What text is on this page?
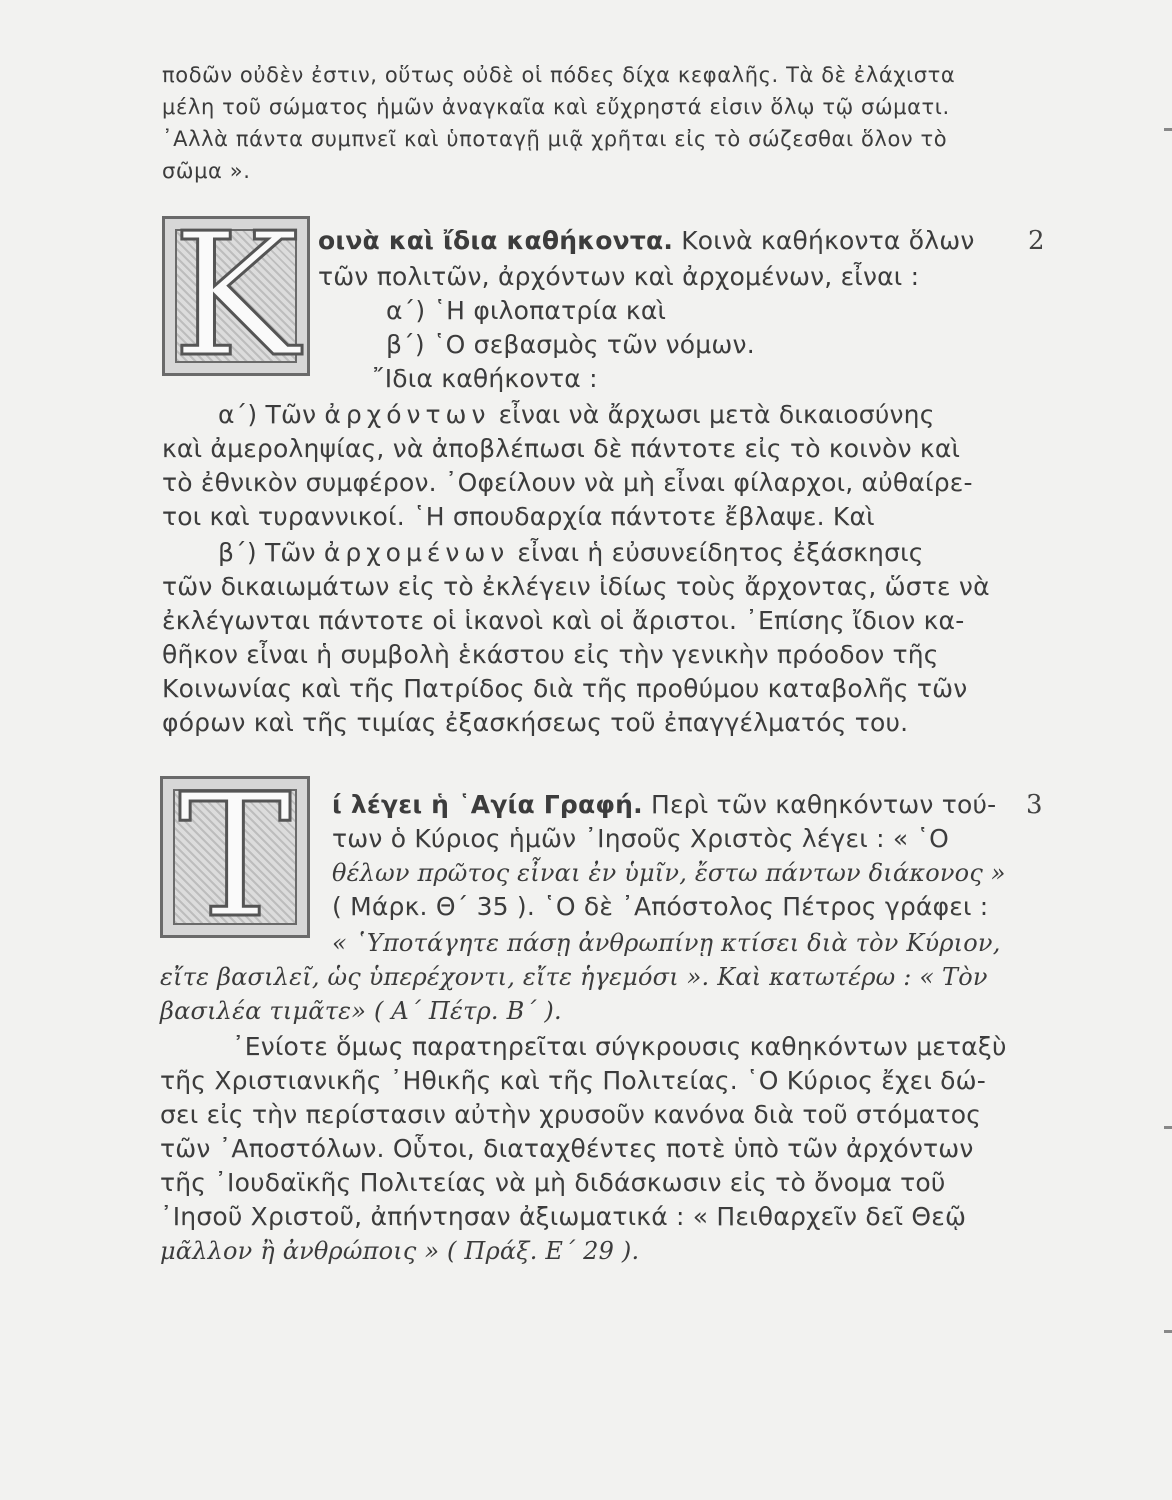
ποδῶν οὐδὲν ἐστιν, οὕτως οὐδὲ οἱ πόδες δίχα κεφαλῆς. Τὰ δὲ ἐλάχιστα
μέλη τοῦ σώματος ἡμῶν ἀναγκαῖα καὶ εὔχρηστά εἰσιν ὅλῳ τῷ σώματι.
᾿Αλλὰ πάντα συμπνεῖ καὶ ὑποταγῇ μιᾷ χρῆται εἰς τὸ σώζεσθαι ὅλον τὸ
σῶμα ».
K	2
οινὰ καὶ ἴδια καθήκοντα. Κοινὰ καθήκοντα ὅλων
τῶν πολιτῶν, ἀρχόντων καὶ ἀρχομένων, εἶναι :
α΄) ῾Η φιλοπατρία καὶ
β΄) ῾Ο σεβασμὸς τῶν νόμων.
῎Ιδια καθήκοντα :
α΄) Τῶν ἀρχόντων εἶναι νὰ ἄρχωσι μετὰ δικαιοσύνης
καὶ ἀμεροληψίας, νὰ ἀποβλέπωσι δὲ πάντοτε εἰς τὸ κοινὸν καὶ
τὸ ἐθνικὸν συμφέρον. ᾿Οφείλουν νὰ μὴ εἶναι φίλαρχοι, αὐθαίρε-
τοι καὶ τυραννικοί. ῾Η σπουδαρχία πάντοτε ἔβλαψε. Καὶ
β΄) Τῶν ἀρχομένων εἶναι ἡ εὐσυνείδητος ἐξάσκησις
τῶν δικαιωμάτων εἰς τὸ ἐκλέγειν ἰδίως τοὺς ἄρχοντας, ὥστε νὰ
ἐκλέγωνται πάντοτε οἱ ἱκανοὶ καὶ οἱ ἄριστοι. ᾿Επίσης ἴδιον κα-
θῆκον εἶναι ἡ συμβολὴ ἑκάστου εἰς τὴν γενικὴν πρόοδον τῆς
Κοινωνίας καὶ τῆς Πατρίδος διὰ τῆς προθύμου καταβολῆς τῶν
φόρων καὶ τῆς τιμίας ἐξασκήσεως τοῦ ἐπαγγέλματός του.
T	3
ί λέγει ἡ ῾Αγία Γραφή. Περὶ τῶν καθηκόντων τού-
των ὁ Κύριος ἡμῶν ᾿Ιησοῦς Χριστὸς λέγει : « ῾Ο
θέλων πρῶτος εἶναι ἐν ὑμῖν, ἔστω πάντων διάκονος »
( Μάρκ. Θ΄ 35 ). ῾Ο δὲ ᾿Απόστολος Πέτρος γράφει :
« ῾Υποτάγητε πάσῃ ἀνθρωπίνῃ κτίσει διὰ τὸν Κύριον,
εἴτε βασιλεῖ, ὡς ὑπερέχοντι, εἴτε ἡγεμόσι ». Καὶ κατωτέρω : « Τὸν
βασιλέα τιμᾶτε» ( Α΄ Πέτρ. Β΄ ).
᾿Ενίοτε ὅμως παρατηρεῖται σύγκρουσις καθηκόντων μεταξὺ
τῆς Χριστιανικῆς ᾿Ηθικῆς καὶ τῆς Πολιτείας. ῾Ο Κύριος ἔχει δώ-
σει εἰς τὴν περίστασιν αὐτὴν χρυσοῦν κανόνα διὰ τοῦ στόματος
τῶν ᾿Αποστόλων. Οὗτοι, διαταχθέντες ποτὲ ὑπὸ τῶν ἀρχόντων
τῆς ᾿Ιουδαϊκῆς Πολιτείας νὰ μὴ διδάσκωσιν εἰς τὸ ὄνομα τοῦ
᾿Ιησοῦ Χριστοῦ, ἀπήντησαν ἀξιωματικά : « Πειθαρχεῖν δεῖ Θεῷ
μᾶλλον ἢ ἀνθρώποις » ( Πράξ. Ε΄ 29 ).
